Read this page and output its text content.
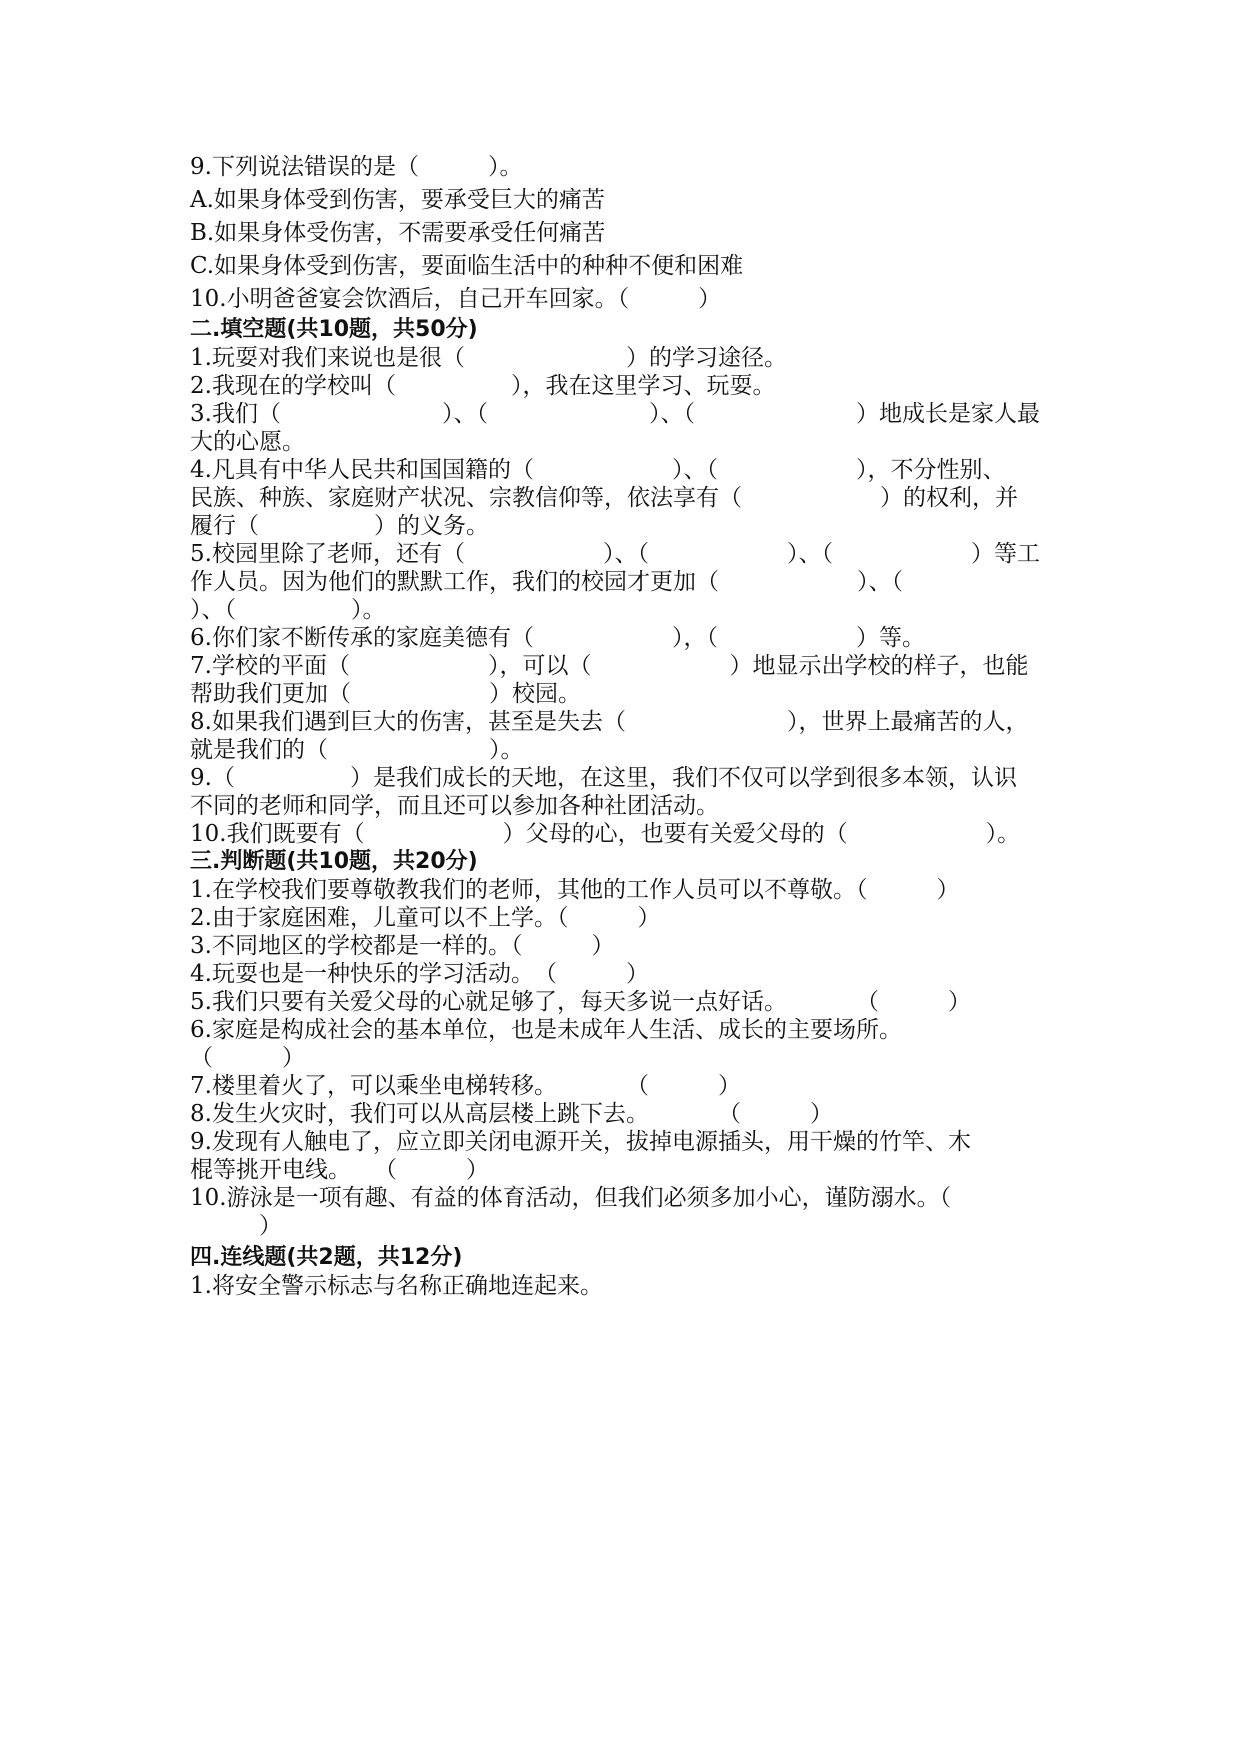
9.下列说法错误的是（　　　）。
A.如果身体受到伤害，要承受巨大的痛苦
B.如果身体受伤害，不需要承受任何痛苦
C.如果身体受到伤害，要面临生活中的种种不便和困难
10.小明爸爸宴会饮酒后，自己开车回家。（　　　）
二.填空题(共10题，共50分)
1.玩耍对我们来说也是很（　　　　　　　）的学习途径。
2.我现在的学校叫（　　　　　），我在这里学习、玩耍。
3.我们（　　　　　　　）、（　　　　　　　）、（　　　　　　　）地成长是家人最
大的心愿。
4.凡具有中华人民共和国国籍的（　　　　　　）、（　　　　　　），不分性别、
民族、种族、家庭财产状况、宗教信仰等，依法享有（　　　　　　）的权利，并
履行（　　　　　）的义务。
5.校园里除了老师，还有（　　　　　　）、（　　　　　　）、（　　　　　　）等工
作人员。因为他们的默默工作，我们的校园才更加（　　　　　　）、（
）、（　　　　　）。
6.你们家不断传承的家庭美德有（　　　　　　），（　　　　　　）等。
7.学校的平面（　　　　　　），可以（　　　　　　）地显示出学校的样子，也能
帮助我们更加（　　　　　　）校园。
8.如果我们遇到巨大的伤害，甚至是失去（　　　　　　　），世界上最痛苦的人，
就是我们的（　　　　　　　）。
9.（　　　　　）是我们成长的天地，在这里，我们不仅可以学到很多本领，认识
不同的老师和同学，而且还可以参加各种社团活动。
10.我们既要有（　　　　　　）父母的心，也要有关爱父母的（　　　　　　）。
三.判断题(共10题，共20分)
1.在学校我们要尊敬教我们的老师，其他的工作人员可以不尊敬。（　　　）
2.由于家庭困难，儿童可以不上学。（　　　）
3.不同地区的学校都是一样的。（　　　）
4.玩耍也是一种快乐的学习活动。　（　　　）
5.我们只要有关爱父母的心就足够了，每天多说一点好话。　　　　（　　　）
6.家庭是构成社会的基本单位，也是未成年人生活、成长的主要场所。
（　　　）
7.楼里着火了，可以乘坐电梯转移。　　　　（　　　）
8.发生火灾时，我们可以从高层楼上跳下去。　　　　（　　　）
9.发现有人触电了，应立即关闭电源开关，拔掉电源插头，用干燥的竹竿、木
棍等挑开电线。　　（　　　）
10.游泳是一项有趣、有益的体育活动，但我们必须多加小心，谨防溺水。（
　　　）
四.连线题(共2题，共12分)
1.将安全警示标志与名称正确地连起来。
